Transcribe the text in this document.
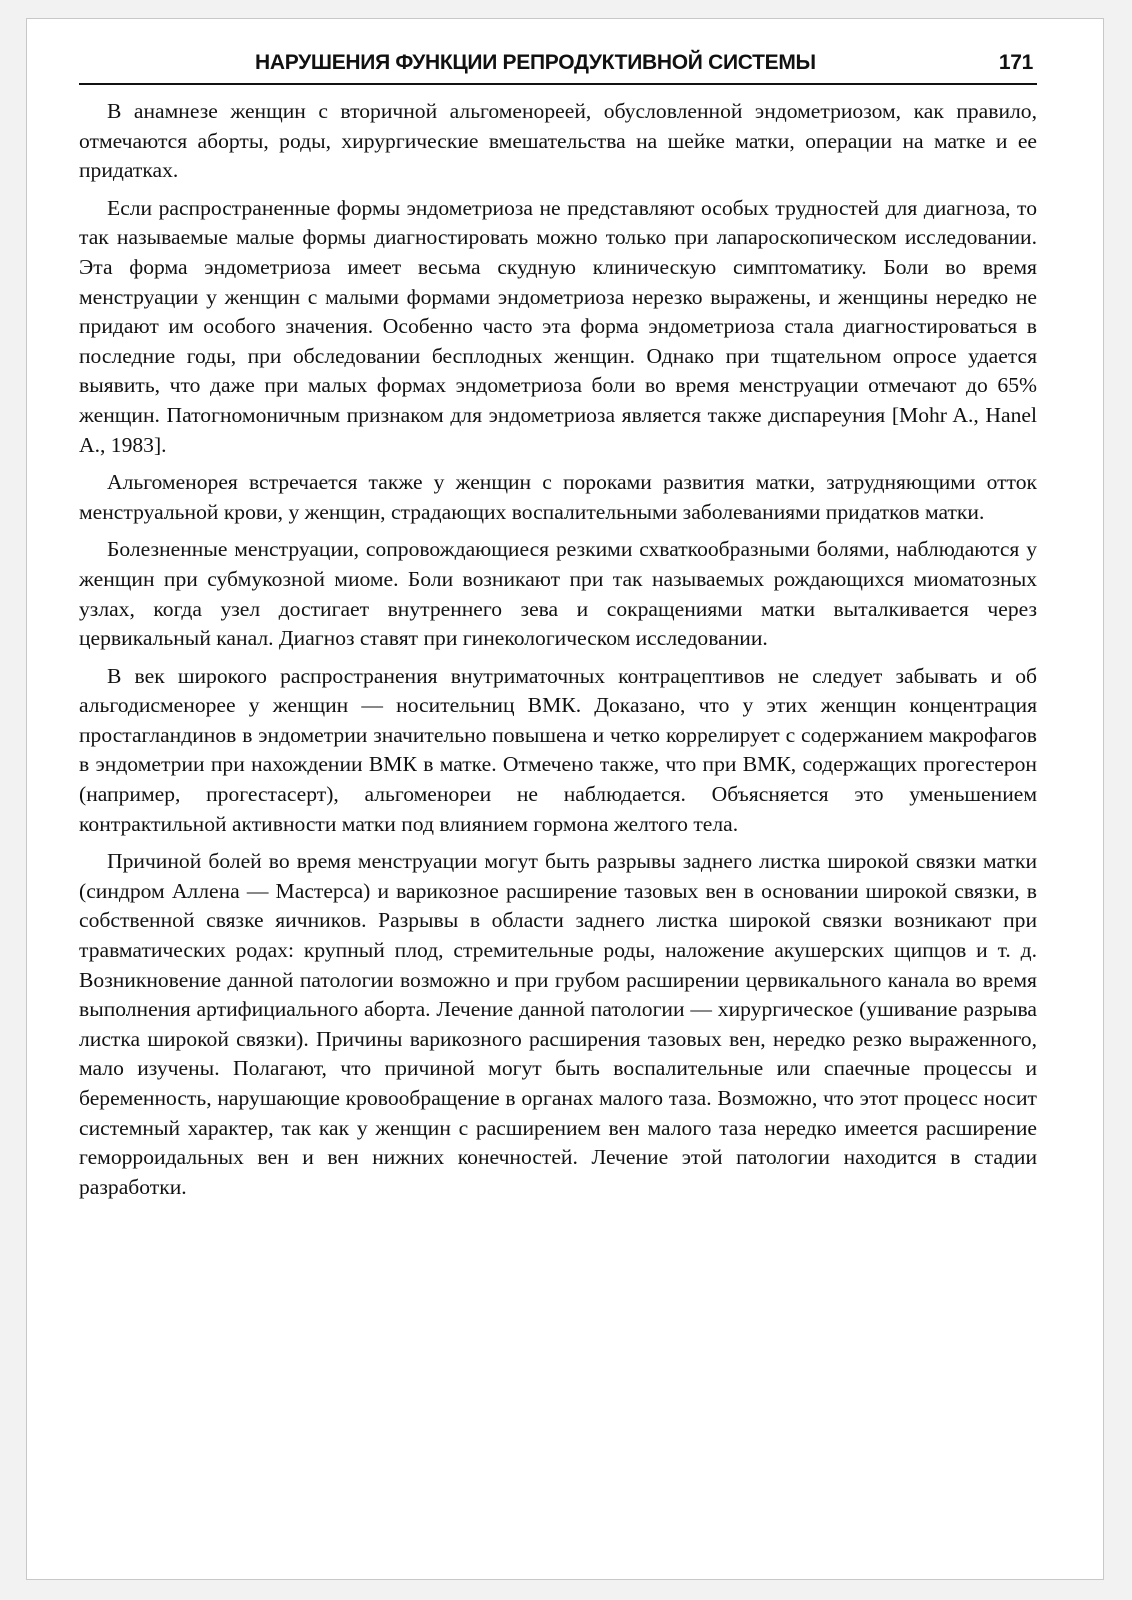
НАРУШЕНИЯ ФУНКЦИИ РЕПРОДУКТИВНОЙ СИСТЕМЫ	171

В анамнезе женщин с вторичной альгоменореей, обусловленной эндометриозом, как правило, отмечаются аборты, роды, хирургические вмешательства на шейке матки, операции на матке и ее придатках.

Если распространенные формы эндометриоза не представляют особых трудностей для диагноза, то так называемые малые формы диагностировать можно только при лапароскопическом исследовании. Эта форма эндометриоза имеет весьма скудную клиническую симптоматику. Боли во время менструации у женщин с малыми формами эндометриоза нерезко выражены, и женщины нередко не придают им особого значения. Особенно часто эта форма эндометриоза стала диагностироваться в последние годы, при обследовании бесплодных женщин. Однако при тщательном опросе удается выявить, что даже при малых формах эндометриоза боли во время менструации отмечают до 65% женщин. Патогномоничным признаком для эндометриоза является также диспареуния [Mohr A., Hanel A., 1983].

Альгоменорея встречается также у женщин с пороками развития матки, затрудняющими отток менструальной крови, у женщин, страдающих воспалительными заболеваниями придатков матки.

Болезненные менструации, сопровождающиеся резкими схваткообразными болями, наблюдаются у женщин при субмукозной миоме. Боли возникают при так называемых рождающихся миоматозных узлах, когда узел достигает внутреннего зева и сокращениями матки выталкивается через цервикальный канал. Диагноз ставят при гинекологическом исследовании.

В век широкого распространения внутриматочных контрацептивов не следует забывать и об альгодисменорее у женщин — носительниц ВМК. Доказано, что у этих женщин концентрация простагландинов в эндометрии значительно повышена и четко коррелирует с содержанием макрофагов в эндометрии при нахождении ВМК в матке. Отмечено также, что при ВМК, содержащих прогестерон (например, прогестасерт), альгоменореи не наблюдается. Объясняется это уменьшением контрактильной активности матки под влиянием гормона желтого тела.

Причиной болей во время менструации могут быть разрывы заднего листка широкой связки матки (синдром Аллена — Мастерса) и варикозное расширение тазовых вен в основании широкой связки, в собственной связке яичников. Разрывы в области заднего листка широкой связки возникают при травматических родах: крупный плод, стремительные роды, наложение акушерских щипцов и т. д. Возникновение данной патологии возможно и при грубом расширении цервикального канала во время выполнения артифициального аборта. Лечение данной патологии — хирургическое (ушивание разрыва листка широкой связки). Причины варикозного расширения тазовых вен, нередко резко выраженного, мало изучены. Полагают, что причиной могут быть воспалительные или спаечные процессы и беременность, нарушающие кровообращение в органах малого таза. Возможно, что этот процесс носит системный характер, так как у женщин с расширением вен малого таза нередко имеется расширение геморроидальных вен и вен нижних конечностей. Лечение этой патологии находится в стадии разработки.
